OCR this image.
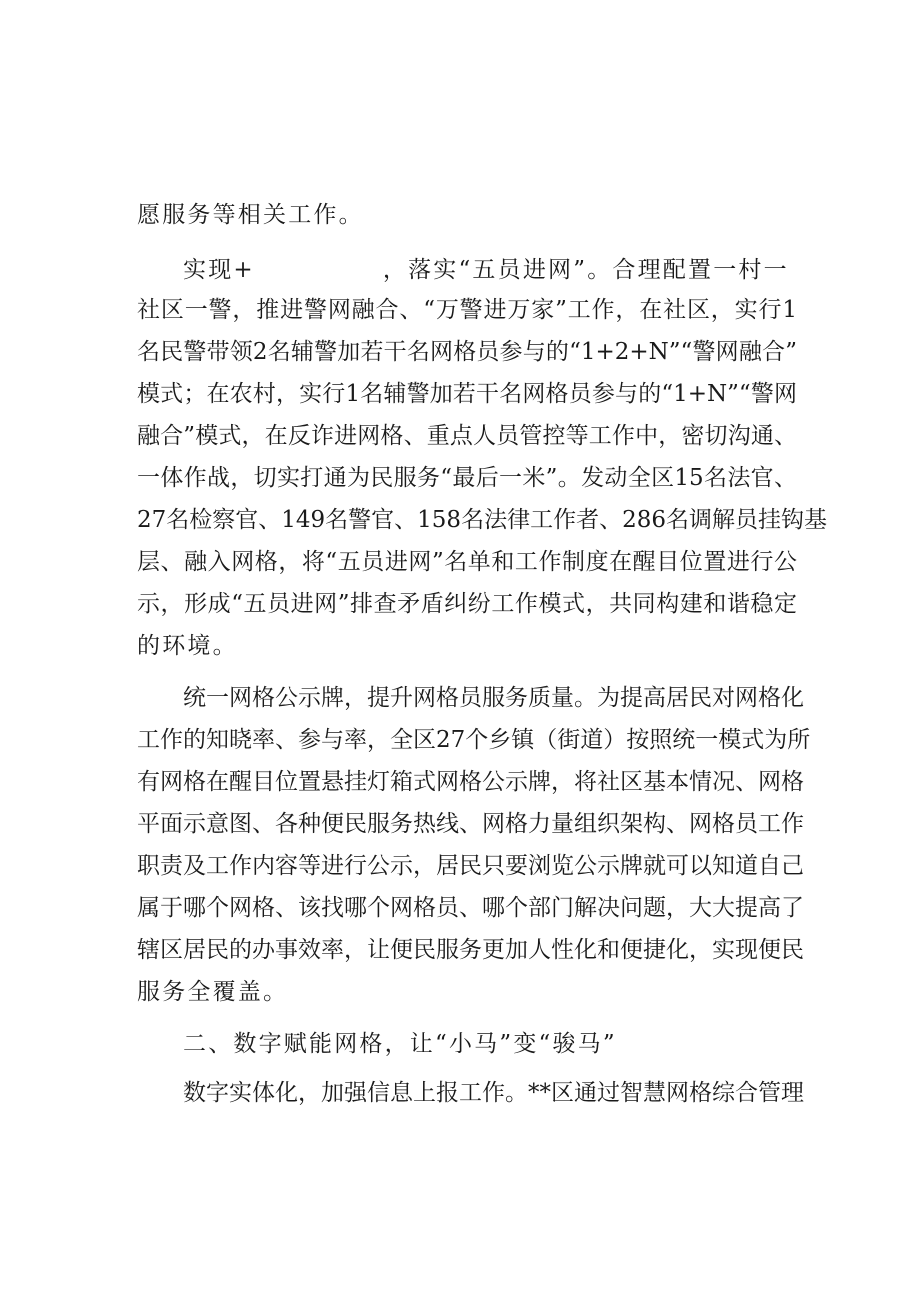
愿服务等相关工作。
实现+	，落实“五员进网”。合理配置一村一
社区一警，推进警网融合、“万警进万家”工作，在社区，实行1
名民警带领2名辅警加若干名网格员参与的“1+2+N”“警网融合”
模式；在农村，实行1名辅警加若干名网格员参与的“1+N”“警网
融合”模式，在反诈进网格、重点人员管控等工作中，密切沟通、
一体作战，切实打通为民服务“最后一米”。发动全区15名法官、
27名检察官、149名警官、158名法律工作者、286名调解员挂钩基
层、融入网格，将“五员进网”名单和工作制度在醒目位置进行公
示，形成“五员进网”排查矛盾纠纷工作模式，共同构建和谐稳定
的环境。
统一网格公示牌，提升网格员服务质量。为提高居民对网格化
工作的知晓率、参与率，全区27个乡镇（街道）按照统一模式为所
有网格在醒目位置悬挂灯箱式网格公示牌，将社区基本情况、网格
平面示意图、各种便民服务热线、网格力量组织架构、网格员工作
职责及工作内容等进行公示，居民只要浏览公示牌就可以知道自己
属于哪个网格、该找哪个网格员、哪个部门解决问题，大大提高了
辖区居民的办事效率，让便民服务更加人性化和便捷化，实现便民
服务全覆盖。
二、数字赋能网格，让“小马”变“骏马”
数字实体化，加强信息上报工作。**区通过智慧网格综合管理
